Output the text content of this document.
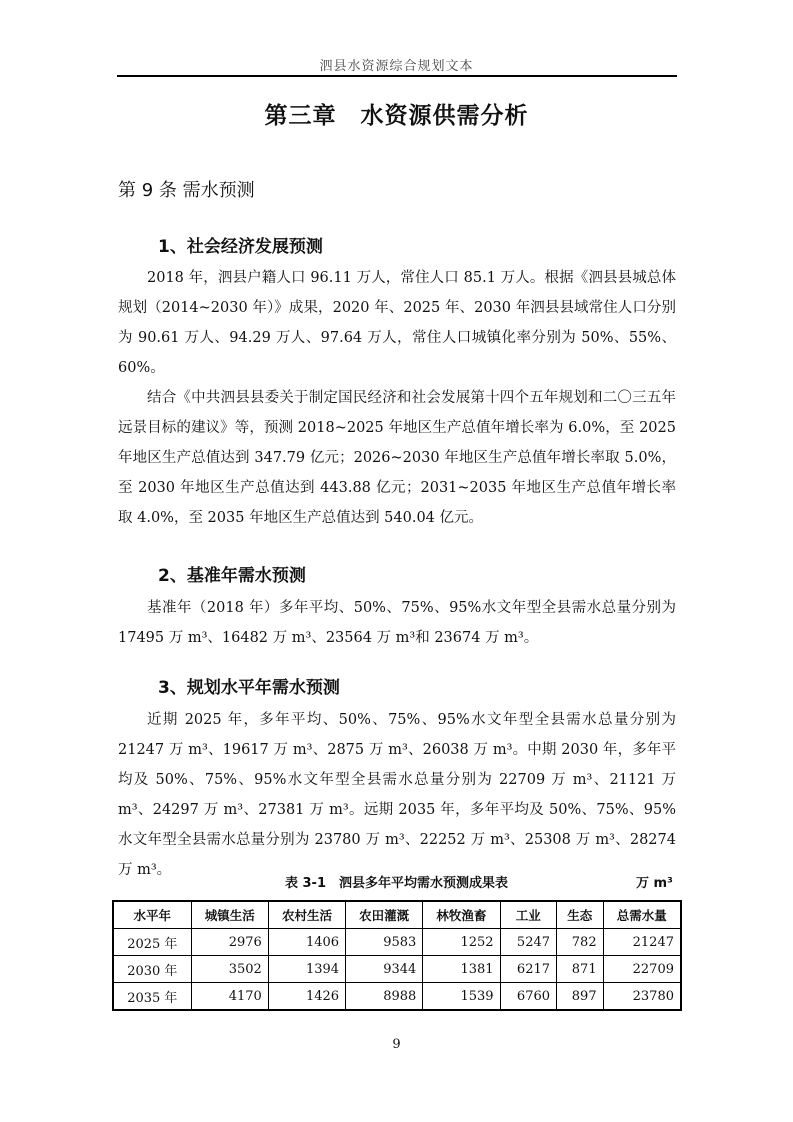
泗县水资源综合规划文本
第三章　水资源供需分析
第 9 条 需水预测
1、社会经济发展预测

2018 年，泗县户籍人口 96.11 万人，常住人口 85.1 万人。根据《泗县县城总体规划（2014~2030 年）》成果，2020 年、2025 年、2030 年泗县县域常住人口分别为 90.61 万人、94.29 万人、97.64 万人，常住人口城镇化率分别为 50%、55%、60%。

结合《中共泗县县委关于制定国民经济和社会发展第十四个五年规划和二〇三五年远景目标的建议》等，预测 2018~2025 年地区生产总值年增长率为 6.0%，至 2025 年地区生产总值达到 347.79 亿元；2026~2030 年地区生产总值年增长率取 5.0%，至 2030 年地区生产总值达到 443.88 亿元；2031~2035 年地区生产总值年增长率取 4.0%，至 2035 年地区生产总值达到 540.04 亿元。

2、基准年需水预测

基准年（2018 年）多年平均、50%、75%、95%水文年型全县需水总量分别为 17495 万 m³、16482 万 m³、23564 万 m³和 23674 万 m³。

3、规划水平年需水预测

近期 2025 年，多年平均、50%、75%、95%水文年型全县需水总量分别为 21247 万 m³、19617 万 m³、2875 万 m³、26038 万 m³。中期 2030 年，多年平均及 50%、75%、95%水文年型全县需水总量分别为 22709 万 m³、21121 万 m³、24297 万 m³、27381 万 m³。远期 2035 年，多年平均及 50%、75%、95%水文年型全县需水总量分别为 23780 万 m³、22252 万 m³、25308 万 m³、28274 万 m³。

表 3-1　泗县多年平均需水预测成果表	万 m³
水平年	城镇生活	农村生活	农田灌溉	林牧渔畜	工业	生态	总需水量
2025 年	2976	1406	9583	1252	5247	782	21247
2030 年	3502	1394	9344	1381	6217	871	22709
2035 年	4170	1426	8988	1539	6760	897	23780
9
